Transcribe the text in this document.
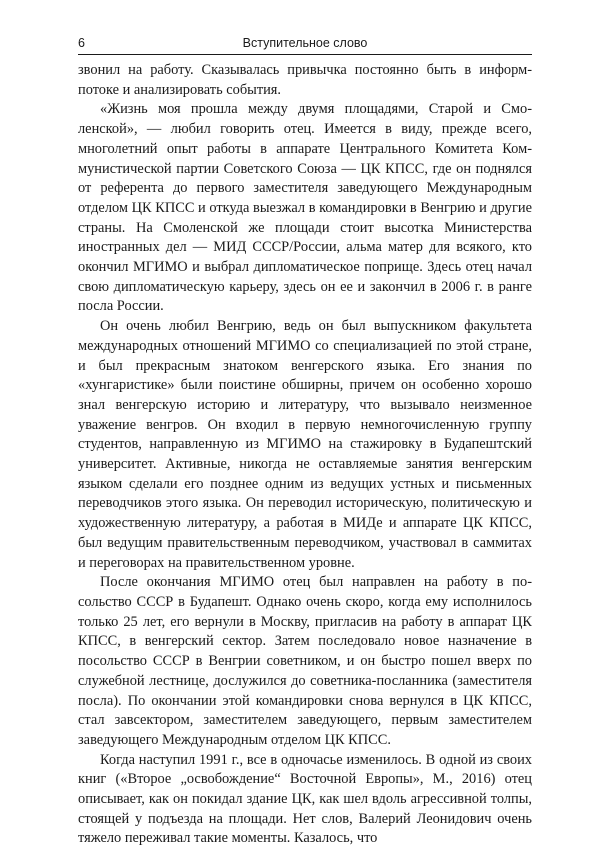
6	Вступительное слово

звонил на работу. Сказывалась привычка постоянно быть в информпотоке и анализировать события.

«Жизнь моя прошла между двумя площадями, Старой и Смоленской», — любил говорить отец. Имеется в виду, прежде всего, многолетний опыт работы в аппарате Центрального Комитета Коммунистической партии Советского Союза — ЦК КПСС, где он поднялся от референта до первого заместителя заведующего Международным отделом ЦК КПСС и откуда выезжал в командировки в Венгрию и другие страны. На Смоленской же площади стоит высотка Министерства иностранных дел — МИД СССР/России, альма матер для всякого, кто окончил МГИМО и выбрал дипломатическое поприще. Здесь отец начал свою дипломатическую карьеру, здесь он ее и закончил в 2006 г. в ранге посла России.

Он очень любил Венгрию, ведь он был выпускником факультета международных отношений МГИМО со специализацией по этой стране, и был прекрасным знатоком венгерского языка. Его знания по «хунгаристике» были поистине обширны, причем он особенно хорошо знал венгерскую историю и литературу, что вызывало неизменное уважение венгров. Он входил в первую немногочисленную группу студентов, направленную из МГИМО на стажировку в Будапештский университет. Активные, никогда не оставляемые занятия венгерским языком сделали его позднее одним из ведущих устных и письменных переводчиков этого языка. Он переводил историческую, политическую и художественную литературу, а работая в МИДе и аппарате ЦК КПСС, был ведущим правительственным переводчиком, участвовал в саммитах и переговорах на правительственном уровне.

После окончания МГИМО отец был направлен на работу в посольство СССР в Будапешт. Однако очень скоро, когда ему исполнилось только 25 лет, его вернули в Москву, пригласив на работу в аппарат ЦК КПСС, в венгерский сектор. Затем последовало новое назначение в посольство СССР в Венгрии советником, и он быстро пошел вверх по служебной лестнице, дослужился до советника-посланника (заместителя посла). По окончании этой командировки снова вернулся в ЦК КПСС, стал завсектором, заместителем заведующего, первым заместителем заведующего Международным отделом ЦК КПСС.

Когда наступил 1991 г., все в одночасье изменилось. В одной из своих книг («Второе „освобождение“ Восточной Европы», М., 2016) отец описывает, как он покидал здание ЦК, как шел вдоль агрессивной толпы, стоящей у подъезда на площади. Нет слов, Валерий Леонидович очень тяжело переживал такие моменты. Казалось, что
